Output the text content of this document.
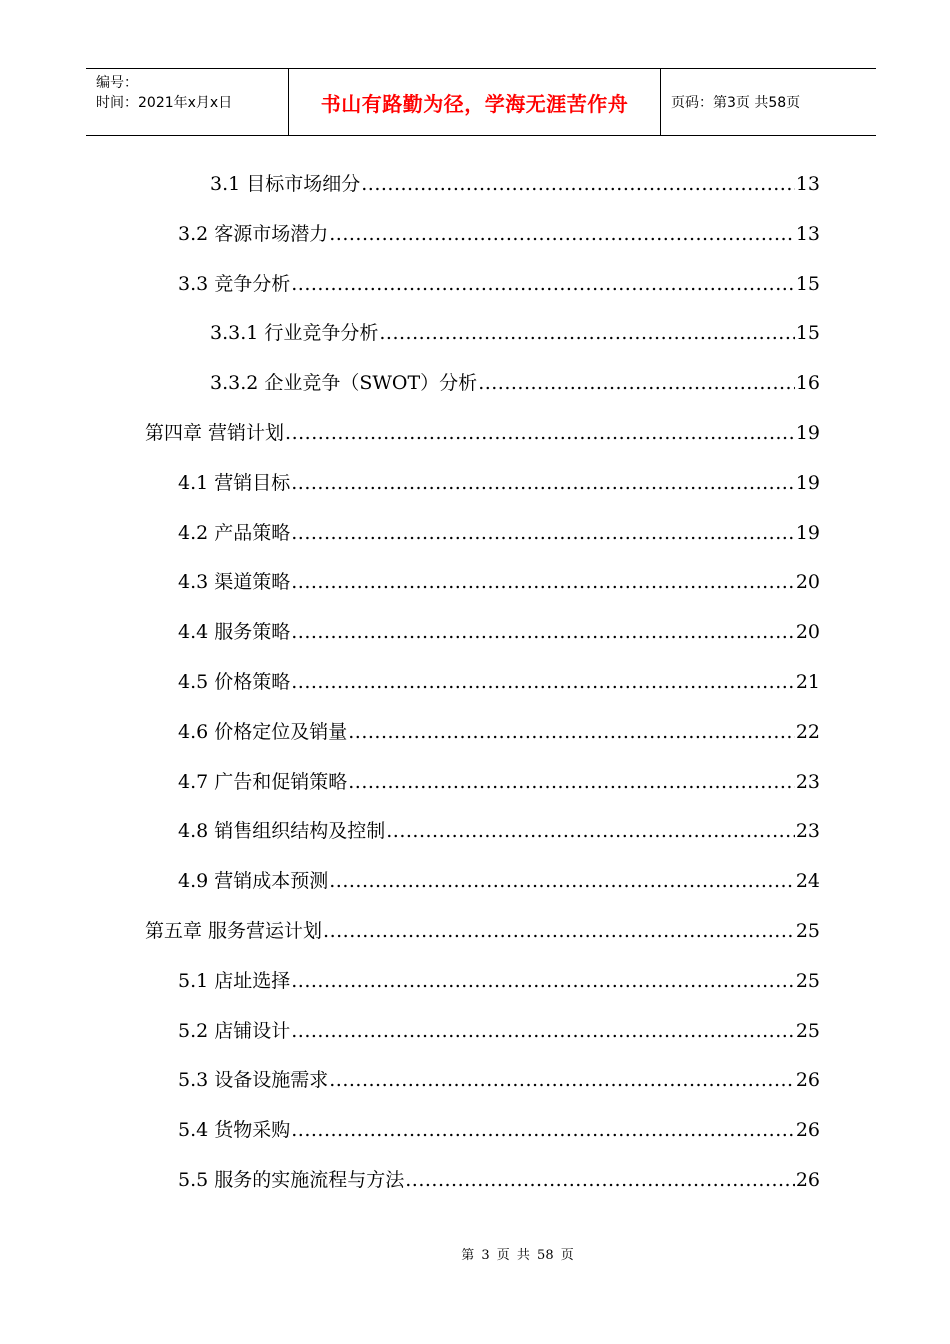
编号：
时间：2021年x月x日	书山有路勤为径，学海无涯苦作舟	页码：第3页 共58页
3.1 目标市场细分 .....	13
3.2 客源市场潜力 .....	13
3.3 竞争分析 .....	15
3.3.1 行业竞争分析 .....	15
3.3.2 企业竞争（SWOT）分析 .....	16
第四章 营销计划 .....	19
4.1 营销目标 .....	19
4.2 产品策略 .....	19
4.3 渠道策略 .....	20
4.4 服务策略 .....	20
4.5 价格策略 .....	21
4.6 价格定位及销量 .....	22
4.7 广告和促销策略 .....	23
4.8 销售组织结构及控制 .....	23
4.9 营销成本预测 .....	24
第五章 服务营运计划 .....	25
5.1 店址选择 .....	25
5.2 店铺设计 .....	25
5.3 设备设施需求 .....	26
5.4 货物采购 .....	26
5.5 服务的实施流程与方法 .....	26
第 3 页 共 58 页
